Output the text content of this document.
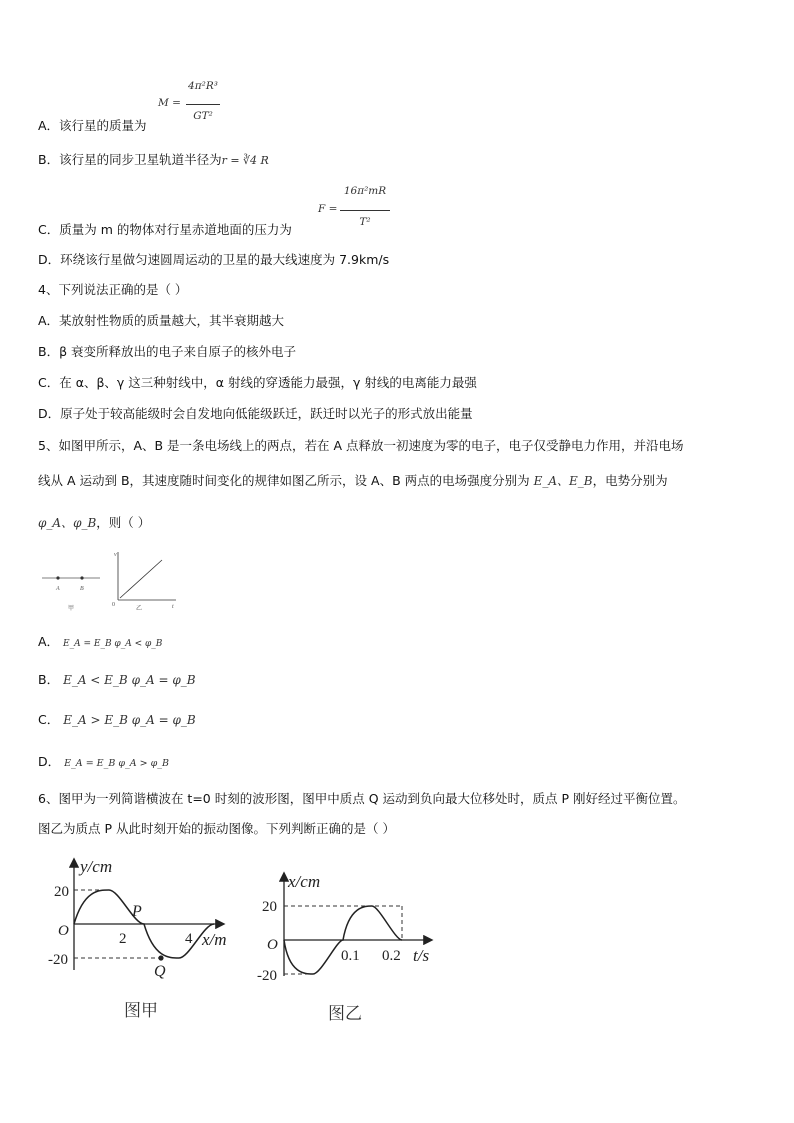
A．该行星的质量为
M =
4π²R³
GT²
B．该行星的同步卫星轨道半径为r = ∛4 R
C．质量为 m 的物体对行星赤道地面的压力为
F =
16π²mR
T²
D．环绕该行星做匀速圆周运动的卫星的最大线速度为 7.9km/s
4、下列说法正确的是（ ）
A．某放射性物质的质量越大，其半衰期越大
B．β 衰变所释放出的电子来自原子的核外电子
C．在 α、β、γ 这三种射线中，α 射线的穿透能力最强，γ 射线的电离能力最强
D．原子处于较高能级时会自发地向低能级跃迁，跃迁时以光子的形式放出能量
5、如图甲所示，A、B 是一条电场线上的两点，若在 A 点释放一初速度为零的电子，电子仅受静电力作用，并沿电场
线从 A 运动到 B，其速度随时间变化的规律如图乙所示，设 A、B 两点的电场强度分别为 E_A、E_B，电势分别为
φ_A、φ_B，则（ ）
A	B
甲
v
t
0
乙
A． E_A = E_B φ_A < φ_B
B． E_A < E_B φ_A = φ_B
C． E_A > E_B φ_A = φ_B
D． E_A = E_B φ_A > φ_B
6、图甲为一列简谐横波在 t=0 时刻的波形图，图甲中质点 Q 运动到负向最大位移处时，质点 P 刚好经过平衡位置。
图乙为质点 P 从此时刻开始的振动图像。下列判断正确的是（ ）
y/cm
20
-20
O	2	4 x/m
P
Q
图甲
x/cm
20
-20
O
0.1 0.2 t/s
图乙
